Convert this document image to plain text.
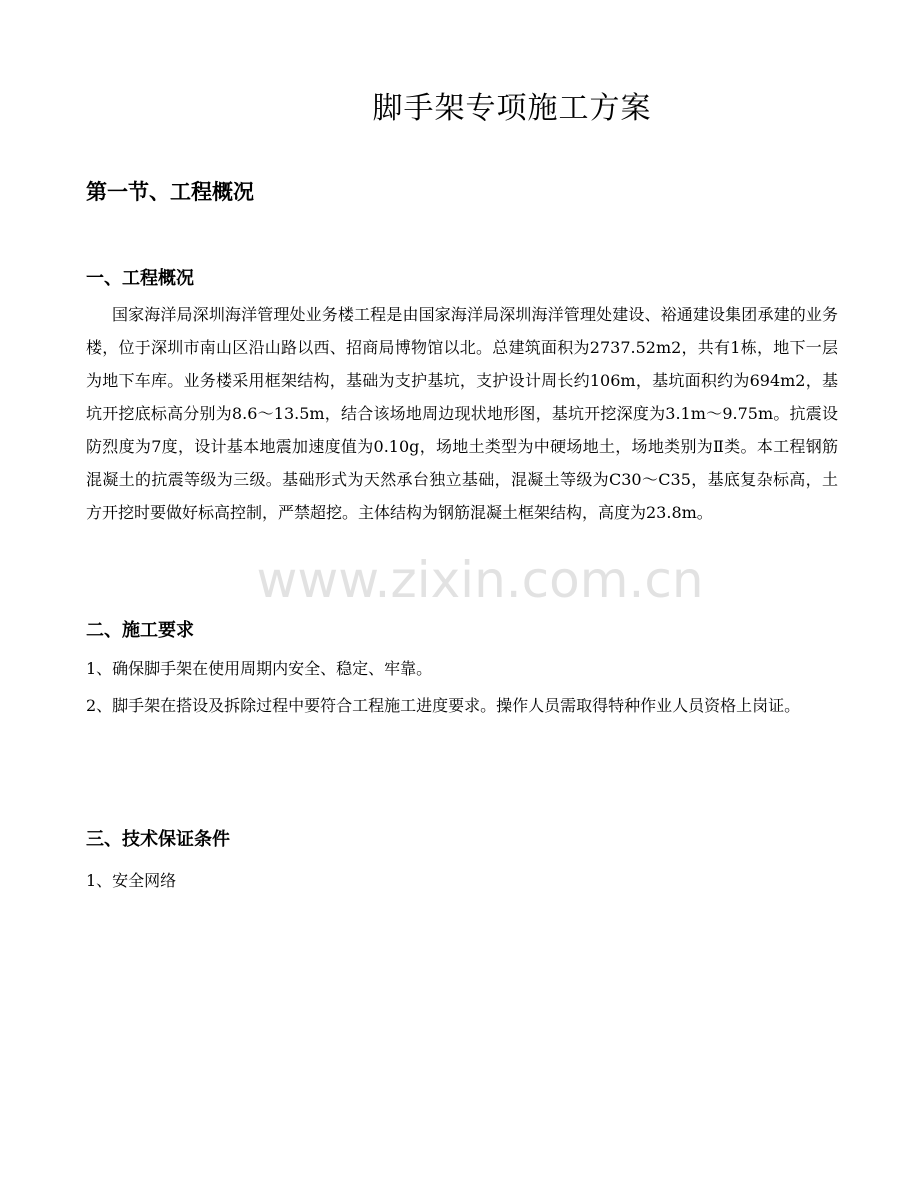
脚手架专项施工方案
第一节、工程概况
一、工程概况

国家海洋局深圳海洋管理处业务楼工程是由国家海洋局深圳海洋管理处建设、裕通建设集团承建的业务楼，位于深圳市南山区沿山路以西、招商局博物馆以北。总建筑面积为2737.52m2，共有1栋，地下一层为地下车库。业务楼采用框架结构，基础为支护基坑，支护设计周长约106m，基坑面积约为694m2，基坑开挖底标高分别为8.6～13.5m，结合该场地周边现状地形图，基坑开挖深度为3.1m～9.75m。抗震设防烈度为7度，设计基本地震加速度值为0.10g，场地土类型为中硬场地土，场地类别为Ⅱ类。本工程钢筋混凝土的抗震等级为三级。基础形式为天然承台独立基础，混凝土等级为C30～C35，基底复杂标高，土方开挖时要做好标高控制，严禁超挖。主体结构为钢筋混凝土框架结构，高度为23.8m。

二、施工要求

1、确保脚手架在使用周期内安全、稳定、牢靠。

2、脚手架在搭设及拆除过程中要符合工程施工进度要求。操作人员需取得特种作业人员资格上岗证。

三、技术保证条件

1、安全网络

www.zixin.com.cn
